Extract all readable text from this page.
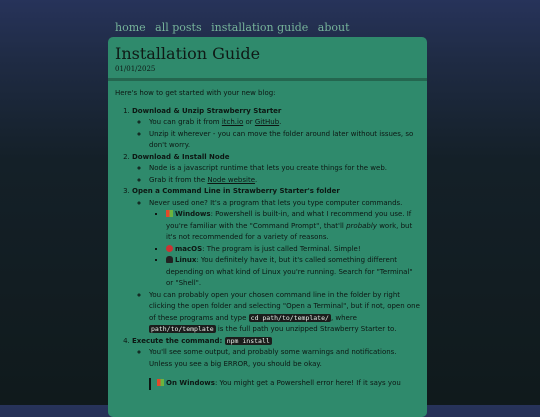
home all posts installation guide about
Installation Guide
01/01/2025

Here's how to get started with your new blog:

1. Download & Unzip Strawberry Starter
◦ You can grab it from itch.io or GitHub.
◦ Unzip it wherever - you can move the folder around later without issues, so don't worry.
2. Download & Install Node
◦ Node is a javascript runtime that lets you create things for the web.
◦ Grab it from the Node website.
3. Open a Command Line in Strawberry Starter's folder
◦ Never used one? It's a program that lets you type computer commands.
▪ Windows: Powershell is built-in, and what I recommend you use. If you're familiar with the "Command Prompt", that'll probably work, but it's not recommended for a variety of reasons.
▪ macOS: The program is just called Terminal. Simple!
▪ Linux: You definitely have it, but it's called something different depending on what kind of Linux you're running. Search for "Terminal" or "Shell".
◦ You can probably open your chosen command line in the folder by right clicking the open folder and selecting "Open a Terminal", but if not, open one of these programs and type cd path/to/template/ , where path/to/template is the full path you unzipped Strawberry Starter to.
4. Execute the command: npm install
◦ You'll see some output, and probably some warnings and notifications. Unless you see a big ERROR, you should be okay.
On Windows: You might get a Powershell error here! If it says you
